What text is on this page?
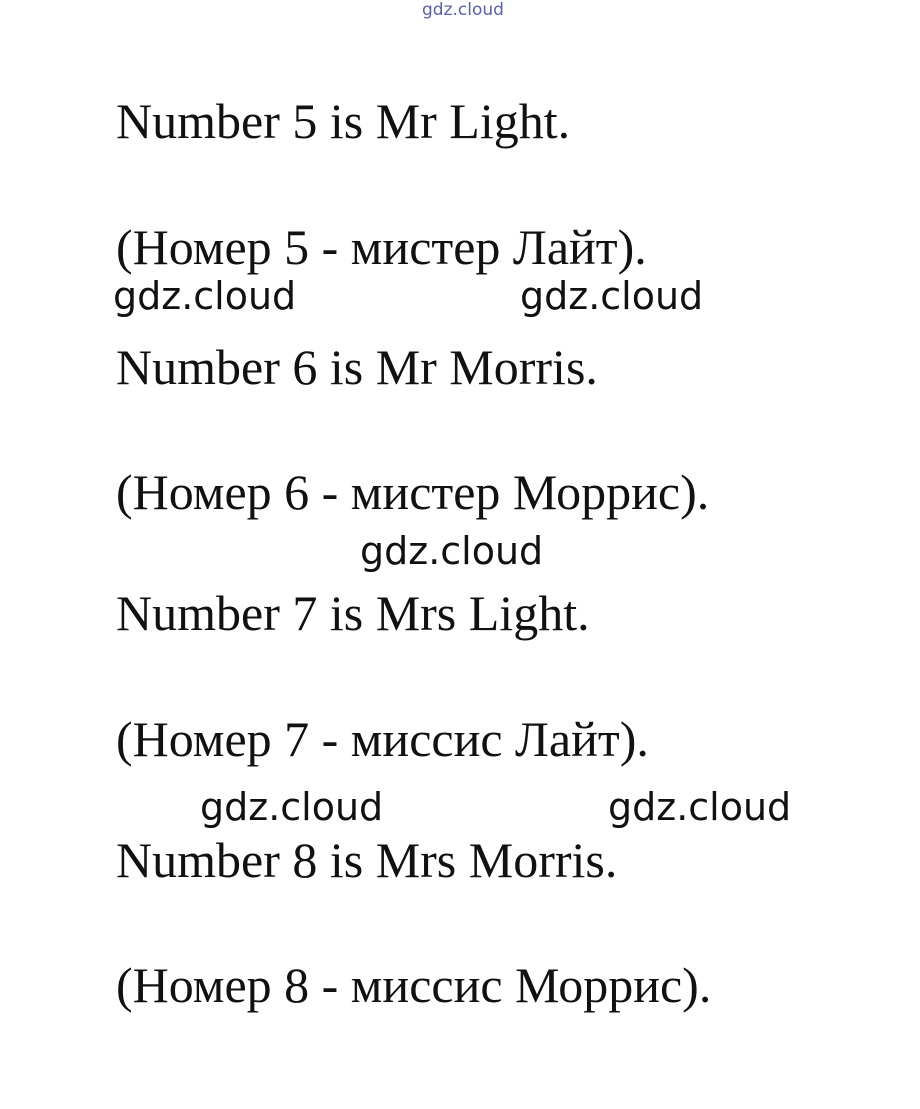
gdz.cloud
Number 5 is Mr Light.
(Номер 5 - мистер Лайт).
gdz.cloud	gdz.cloud
Number 6 is Mr Morris.
(Номер 6 - мистер Моррис).
gdz.cloud
Number 7 is Mrs Light.
(Номер 7 - миссис Лайт).
gdz.cloud	gdz.cloud
Number 8 is Mrs Morris.
(Номер 8 - миссис Моррис).
